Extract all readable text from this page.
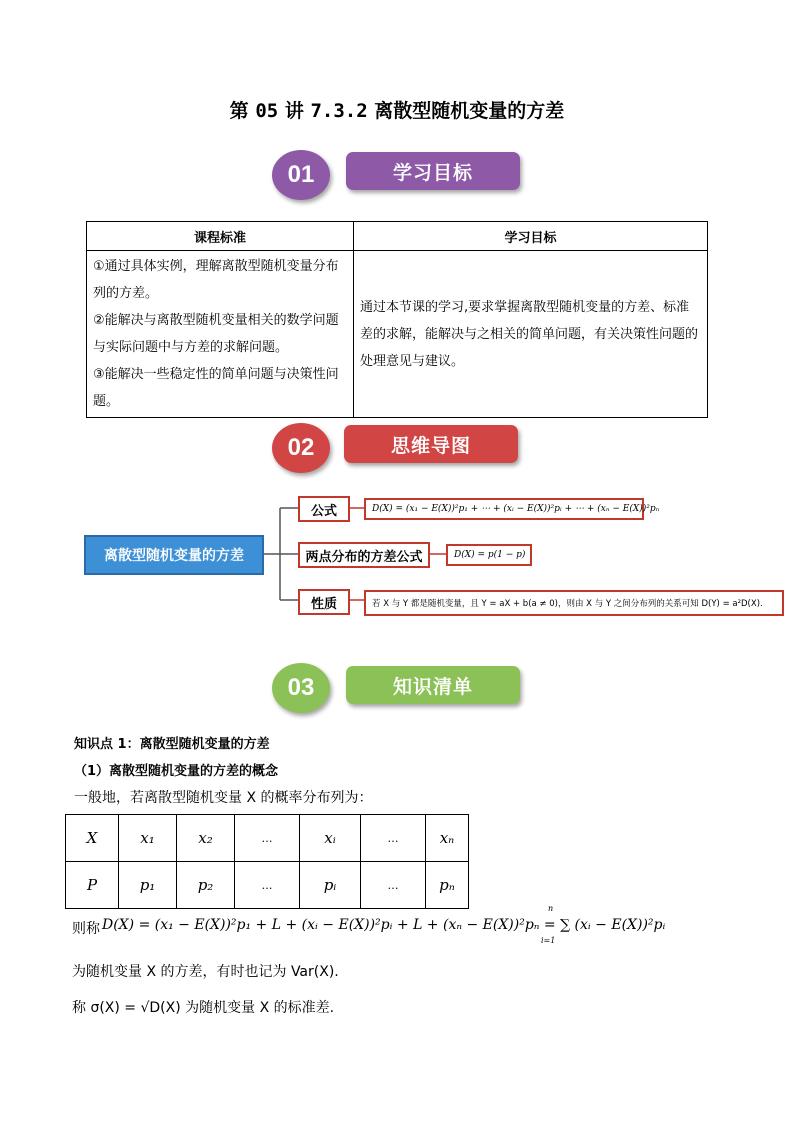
第 05 讲 7.3.2 离散型随机变量的方差
01	学习目标
课程标准	学习目标

①通过具体实例，理解离散型随机变量分布列的方差。
②能解决与离散型随机变量相关的数学问题与实际问题中与方差的求解问题。
③能解决一些稳定性的简单问题与决策性问题。	通过本节课的学习,要求掌握离散型随机变量的方差、标准差的求解，能解决与之相关的简单问题，有关决策性问题的处理意见与建议。
02	思维导图
离散型随机变量的方差
公式	D(X) = (x₁ − E(X))²p₁ + ⋯ + (xᵢ − E(X))²pᵢ + ⋯ + (xₙ − E(X))²pₙ
两点分布的方差公式	D(X) = p(1 − p)
性质	若 X 与 Y 都是随机变量，且 Y = aX + b(a ≠ 0)，则由 X 与 Y 之间分布列的关系可知 D(Y) = a²D(X).
03	知识清单
知识点 1：离散型随机变量的方差
（1）离散型随机变量的方差的概念
一般地，若离散型随机变量 X 的概率分布列为：
X	x₁	x₂	…	xᵢ	…	xₙ
P	p₁	p₂	…	pᵢ	…	pₙ
则称 D(X) = (x₁ − E(X))²p₁ + L + (xᵢ − E(X))²pᵢ + L + (xₙ − E(X))²pₙ = ∑ (xᵢ − E(X))²pᵢ
n
i=1
为随机变量 X 的方差，有时也记为 Var(X).
称 σ(X) = √D(X) 为随机变量 X 的标准差.
